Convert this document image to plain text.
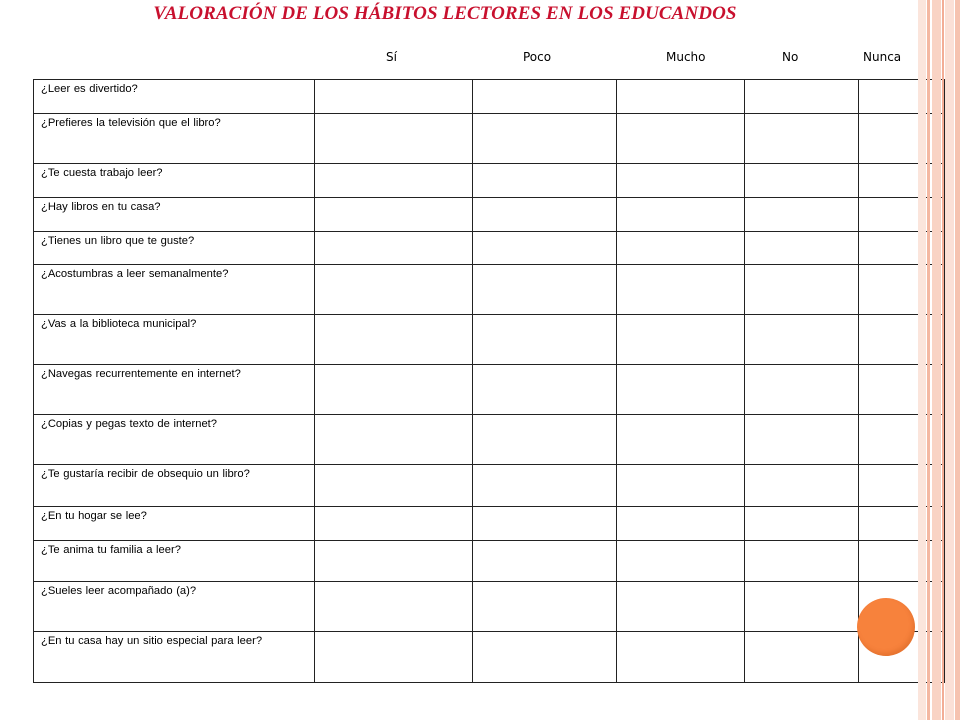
VALORACIÓN DE LOS HÁBITOS LECTORES EN LOS EDUCANDOS
Sí	Poco	Mucho	No	Nunca
¿Leer es divertido?					

¿Prefieres la televisión que el libro?					

¿Te cuesta trabajo leer?					

¿Hay libros en tu casa?					

¿Tienes un libro que te guste?					

¿Acostumbras a leer semanalmente?					

¿Vas a la biblioteca municipal?					

¿Navegas recurrentemente en internet?					

¿Copias y pegas texto de internet?					

¿Te gustaría recibir de obsequio un libro?					

¿En tu hogar se lee?					

¿Te anima tu familia a leer?					

¿Sueles leer acompañado (a)?					

¿En tu casa hay un sitio especial para leer?					
